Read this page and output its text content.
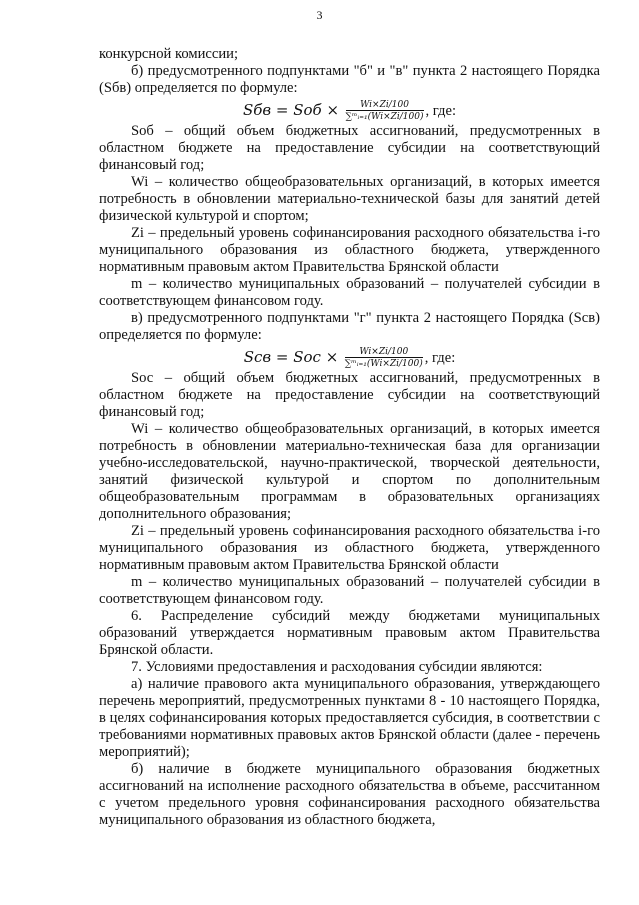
3

конкурсной комиссии;

б) предусмотренного подпунктами "б" и "в" пункта 2 настоящего Порядка (Sбв) определяется по формуле:

Sбв = Sоб × $\frac{Wi\times Zi/100}{\text{∑ᵐᵢ₌₁(Wi×Zi/100)}}$ , где:

Sоб – общий объем бюджетных ассигнований, предусмотренных в областном бюджете на предоставление субсидии на соответствующий финансовый год;

Wi – количество общеобразовательных организаций, в которых имеется потребность в обновлении материально-технической базы для занятий детей физической культурой и спортом;

Zi – предельный уровень софинансирования расходного обязательства i-го муниципального образования из областного бюджета, утвержденного нормативным правовым актом Правительства Брянской области

m – количество муниципальных образований – получателей субсидии в соответствующем финансовом году.

в) предусмотренного подпунктами "г" пункта 2 настоящего Порядка (Sсв) определяется по формуле:

Sсв = Sос × $\frac{Wi\times Zi/100}{\text{∑ᵐᵢ₌₁(Wi×Zi/100)}}$ , где:

Sос – общий объем бюджетных ассигнований, предусмотренных в областном бюджете на предоставление субсидии на соответствующий финансовый год;

Wi – количество общеобразовательных организаций, в которых имеется потребность в обновлении материально-техническая база для организации учебно-исследовательской, научно-практической, творческой деятельности, занятий физической культурой и спортом по дополнительным общеобразовательным программам в образовательных организациях дополнительного образования;

Zi – предельный уровень софинансирования расходного обязательства i-го муниципального образования из областного бюджета, утвержденного нормативным правовым актом Правительства Брянской области

m – количество муниципальных образований – получателей субсидии в соответствующем финансовом году.

6. Распределение субсидий между бюджетами муниципальных образований утверждается нормативным правовым актом Правительства Брянской области.

7. Условиями предоставления и расходования субсидии являются:

а) наличие правового акта муниципального образования, утверждающего перечень мероприятий, предусмотренных пунктами 8 - 10 настоящего Порядка, в целях софинансирования которых предоставляется субсидия, в соответствии с требованиями нормативных правовых актов Брянской области (далее - перечень мероприятий);

б) наличие в бюджете муниципального образования бюджетных ассигнований на исполнение расходного обязательства в объеме, рассчитанном с учетом предельного уровня софинансирования расходного обязательства муниципального образования из областного бюджета,
